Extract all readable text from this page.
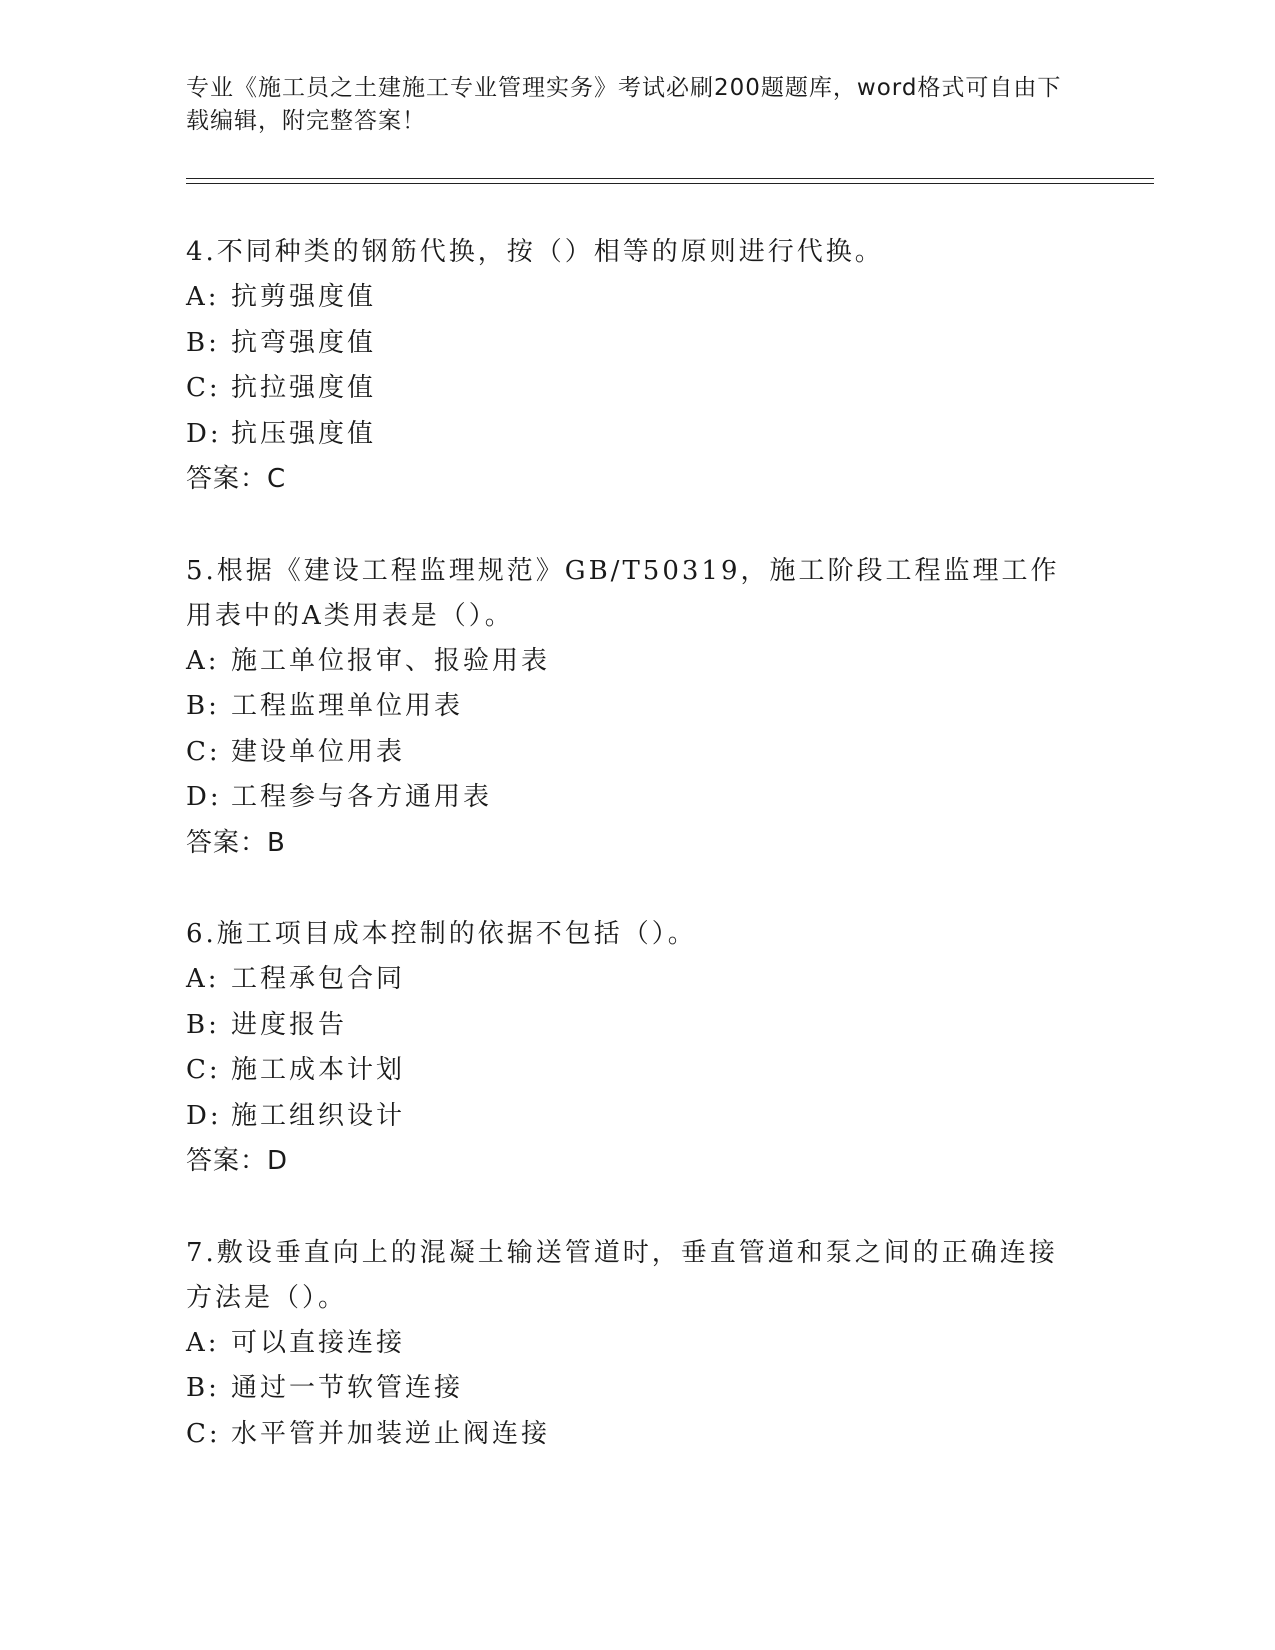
专业《施工员之土建施工专业管理实务》考试必刷200题题库，word格式可自由下载编辑，附完整答案！

4.不同种类的钢筋代换，按（）相等的原则进行代换。

A: 抗剪强度值
B: 抗弯强度值
C: 抗拉强度值
D: 抗压强度值
答案：C

5.根据《建设工程监理规范》GB/T50319，施工阶段工程监理工作用表中的A类用表是（）。

A: 施工单位报审、报验用表
B: 工程监理单位用表
C: 建设单位用表
D: 工程参与各方通用表
答案：B

6.施工项目成本控制的依据不包括（）。

A: 工程承包合同
B: 进度报告
C: 施工成本计划
D: 施工组织设计
答案：D

7.敷设垂直向上的混凝土输送管道时，垂直管道和泵之间的正确连接方法是（）。

A: 可以直接连接
B: 通过一节软管连接
C: 水平管并加装逆止阀连接
